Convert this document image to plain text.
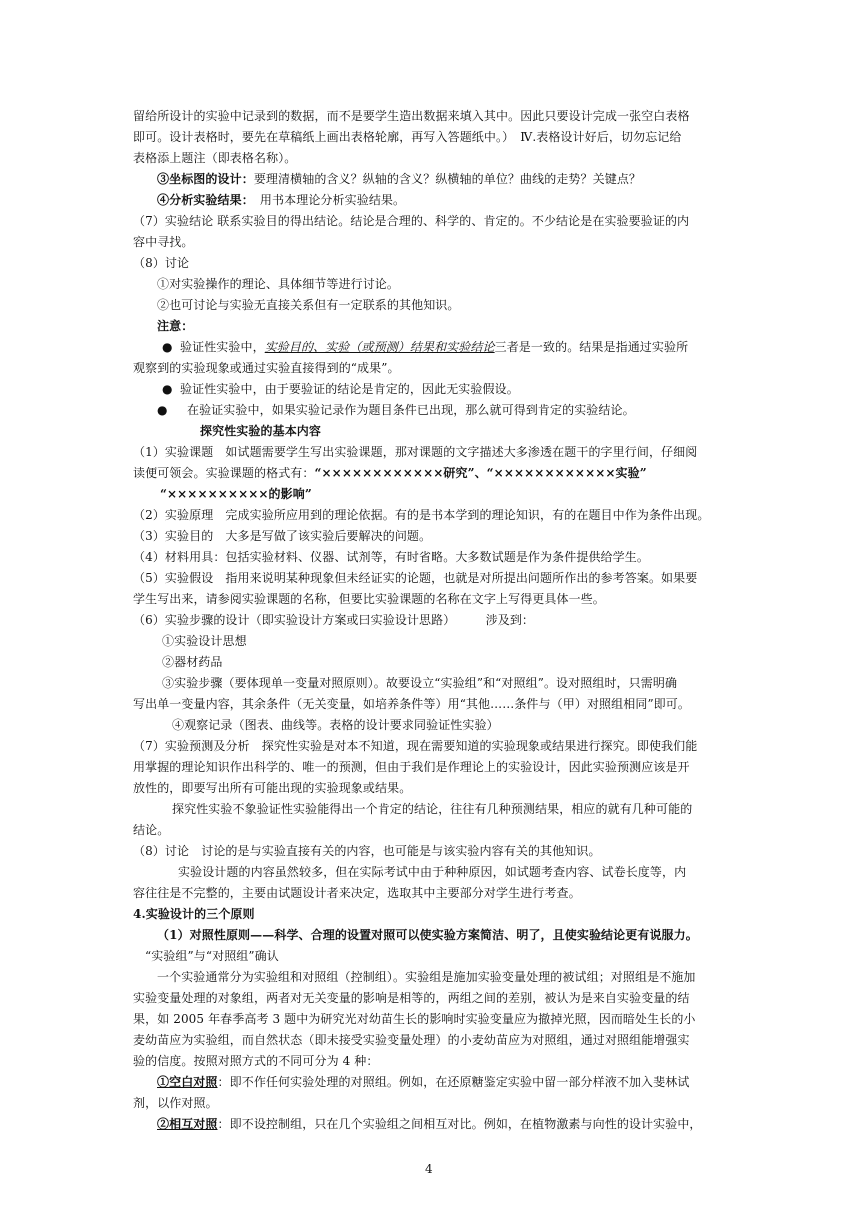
留给所设计的实验中记录到的数据，而不是要学生造出数据来填入其中。因此只要设计完成一张空白表格
即可。设计表格时，要先在草稿纸上画出表格轮廓，再写入答题纸中。）　Ⅳ.表格设计好后，切勿忘记给
表格添上题注（即表格名称）。
③坐标图的设计：要理清横轴的含义？纵轴的含义？纵横轴的单位？曲线的走势？关键点？
④分析实验结果：　用书本理论分析实验结果。
（7）实验结论 联系实验目的得出结论。结论是合理的、科学的、肯定的。不少结论是在实验要验证的内
容中寻找。
（8）讨论
①对实验操作的理论、具体细节等进行讨论。
②也可讨论与实验无直接关系但有一定联系的其他知识。
注意：
● 验证性实验中，实验目的、实验（或预测）结果和实验结论三者是一致的。结果是指通过实验所
观察到的实验现象或通过实验直接得到的“成果”。
● 验证性实验中，由于要验证的结论是肯定的，因此无实验假设。
● 在验证实验中，如果实验记录作为题目条件已出现，那么就可得到肯定的实验结论。
探究性实验的基本内容
（1）实验课题　如试题需要学生写出实验课题，那对课题的文字描述大多渗透在题干的字里行间，仔细阅
读便可领会。实验课题的格式有：“××××××××××××研究”、“××××××××××××实验”
“××××××××××的影响”
（2）实验原理　完成实验所应用到的理论依据。有的是书本学到的理论知识，有的在题目中作为条件出现。
（3）实验目的　大多是写做了该实验后要解决的问题。
（4）材料用具：包括实验材料、仪器、试剂等，有时省略。大多数试题是作为条件提供给学生。
（5）实验假设　指用来说明某种现象但未经证实的论题，也就是对所提出问题所作出的参考答案。如果要
学生写出来，请参阅实验课题的名称，但要比实验课题的名称在文字上写得更具体一些。
（6）实验步骤的设计（即实验设计方案或曰实验设计思路）　　　涉及到：
①实验设计思想
②器材药品
③实验步骤（要体现单一变量对照原则）。故要设立“实验组”和“对照组”。设对照组时，只需明确
写出单一变量内容，其余条件（无关变量，如培养条件等）用“其他……条件与（甲）对照组相同”即可。
④观察记录（图表、曲线等。表格的设计要求同验证性实验）
（7）实验预测及分析　探究性实验是对本不知道，现在需要知道的实验现象或结果进行探究。即使我们能
用掌握的理论知识作出科学的、唯一的预测，但由于我们是作理论上的实验设计，因此实验预测应该是开
放性的，即要写出所有可能出现的实验现象或结果。
探究性实验不象验证性实验能得出一个肯定的结论，往往有几种预测结果，相应的就有几种可能的
结论。
（8）讨论　讨论的是与实验直接有关的内容，也可能是与该实验内容有关的其他知识。
实验设计题的内容虽然较多，但在实际考试中由于种种原因，如试题考查内容、试卷长度等，内
容往往是不完整的，主要由试题设计者来决定，选取其中主要部分对学生进行考查。
4.实验设计的三个原则
（1）对照性原则——科学、合理的设置对照可以使实验方案简洁、明了，且使实验结论更有说服力。
“实验组”与“对照组”确认
一个实验通常分为实验组和对照组（控制组）。实验组是施加实验变量处理的被试组；对照组是不施加
实验变量处理的对象组，两者对无关变量的影响是相等的，两组之间的差别，被认为是来自实验变量的结
果，如 2005 年春季高考 3 题中为研究光对幼苗生长的影响时实验变量应为撤掉光照，因而暗处生长的小
麦幼苗应为实验组，而自然状态（即未接受实验变量处理）的小麦幼苗应为对照组，通过对照组能增强实
验的信度。按照对照方式的不同可分为 4 种：
①空白对照：即不作任何实验处理的对照组。例如，在还原糖鉴定实验中留一部分样液不加入斐林试
剂，以作对照。
②相互对照：即不设控制组，只在几个实验组之间相互对比。例如，在植物激素与向性的设计实验中，
4
